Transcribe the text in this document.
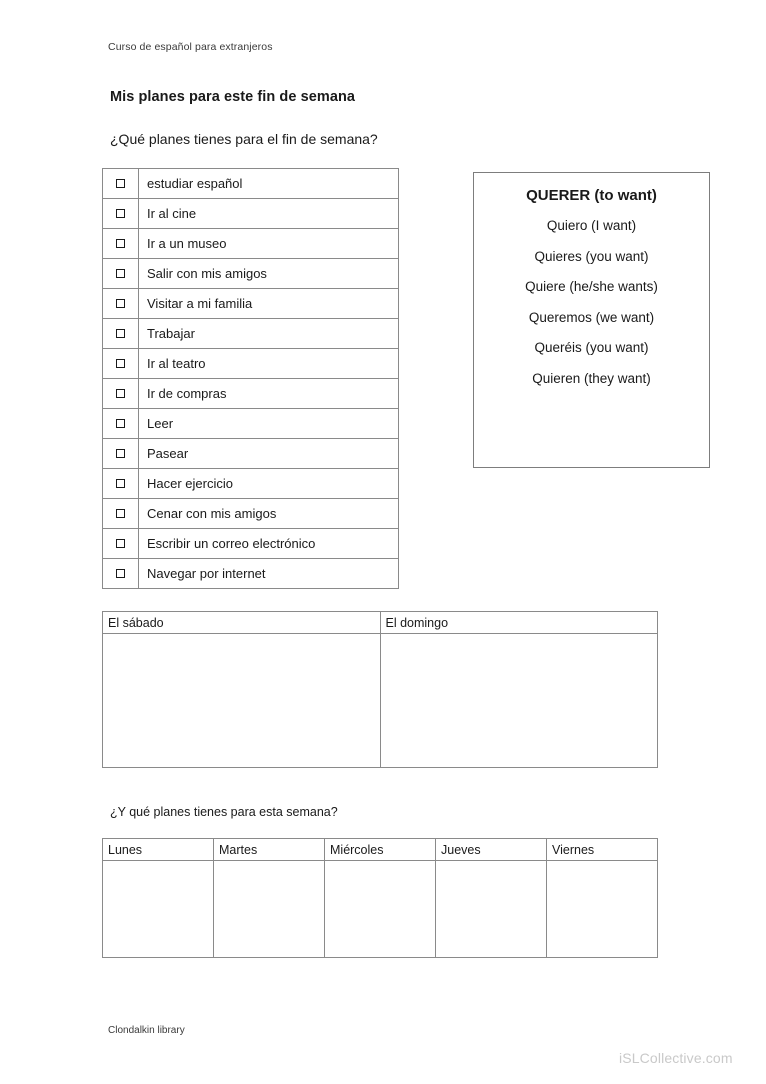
Curso de español para extranjeros
Mis planes para este fin de semana
¿Qué planes tienes para el fin de semana?
	estudiar español
	Ir al cine
	Ir a un museo
	Salir con mis amigos
	Visitar a mi familia
	Trabajar
	Ir al teatro
	Ir de compras
	Leer
	Pasear
	Hacer ejercicio
	Cenar con mis amigos
	Escribir un correo electrónico
	Navegar por internet
QUERER (to want)
Quiero (I want)
Quieres (you want)
Quiere (he/she wants)
Queremos (we want)
Queréis (you want)
Quieren (they want)
El sábado	El domingo

¿Y qué planes tienes para esta semana?
Lunes	Martes	Miércoles	Jueves	Viernes

Clondalkin library
iSLCollective.com
